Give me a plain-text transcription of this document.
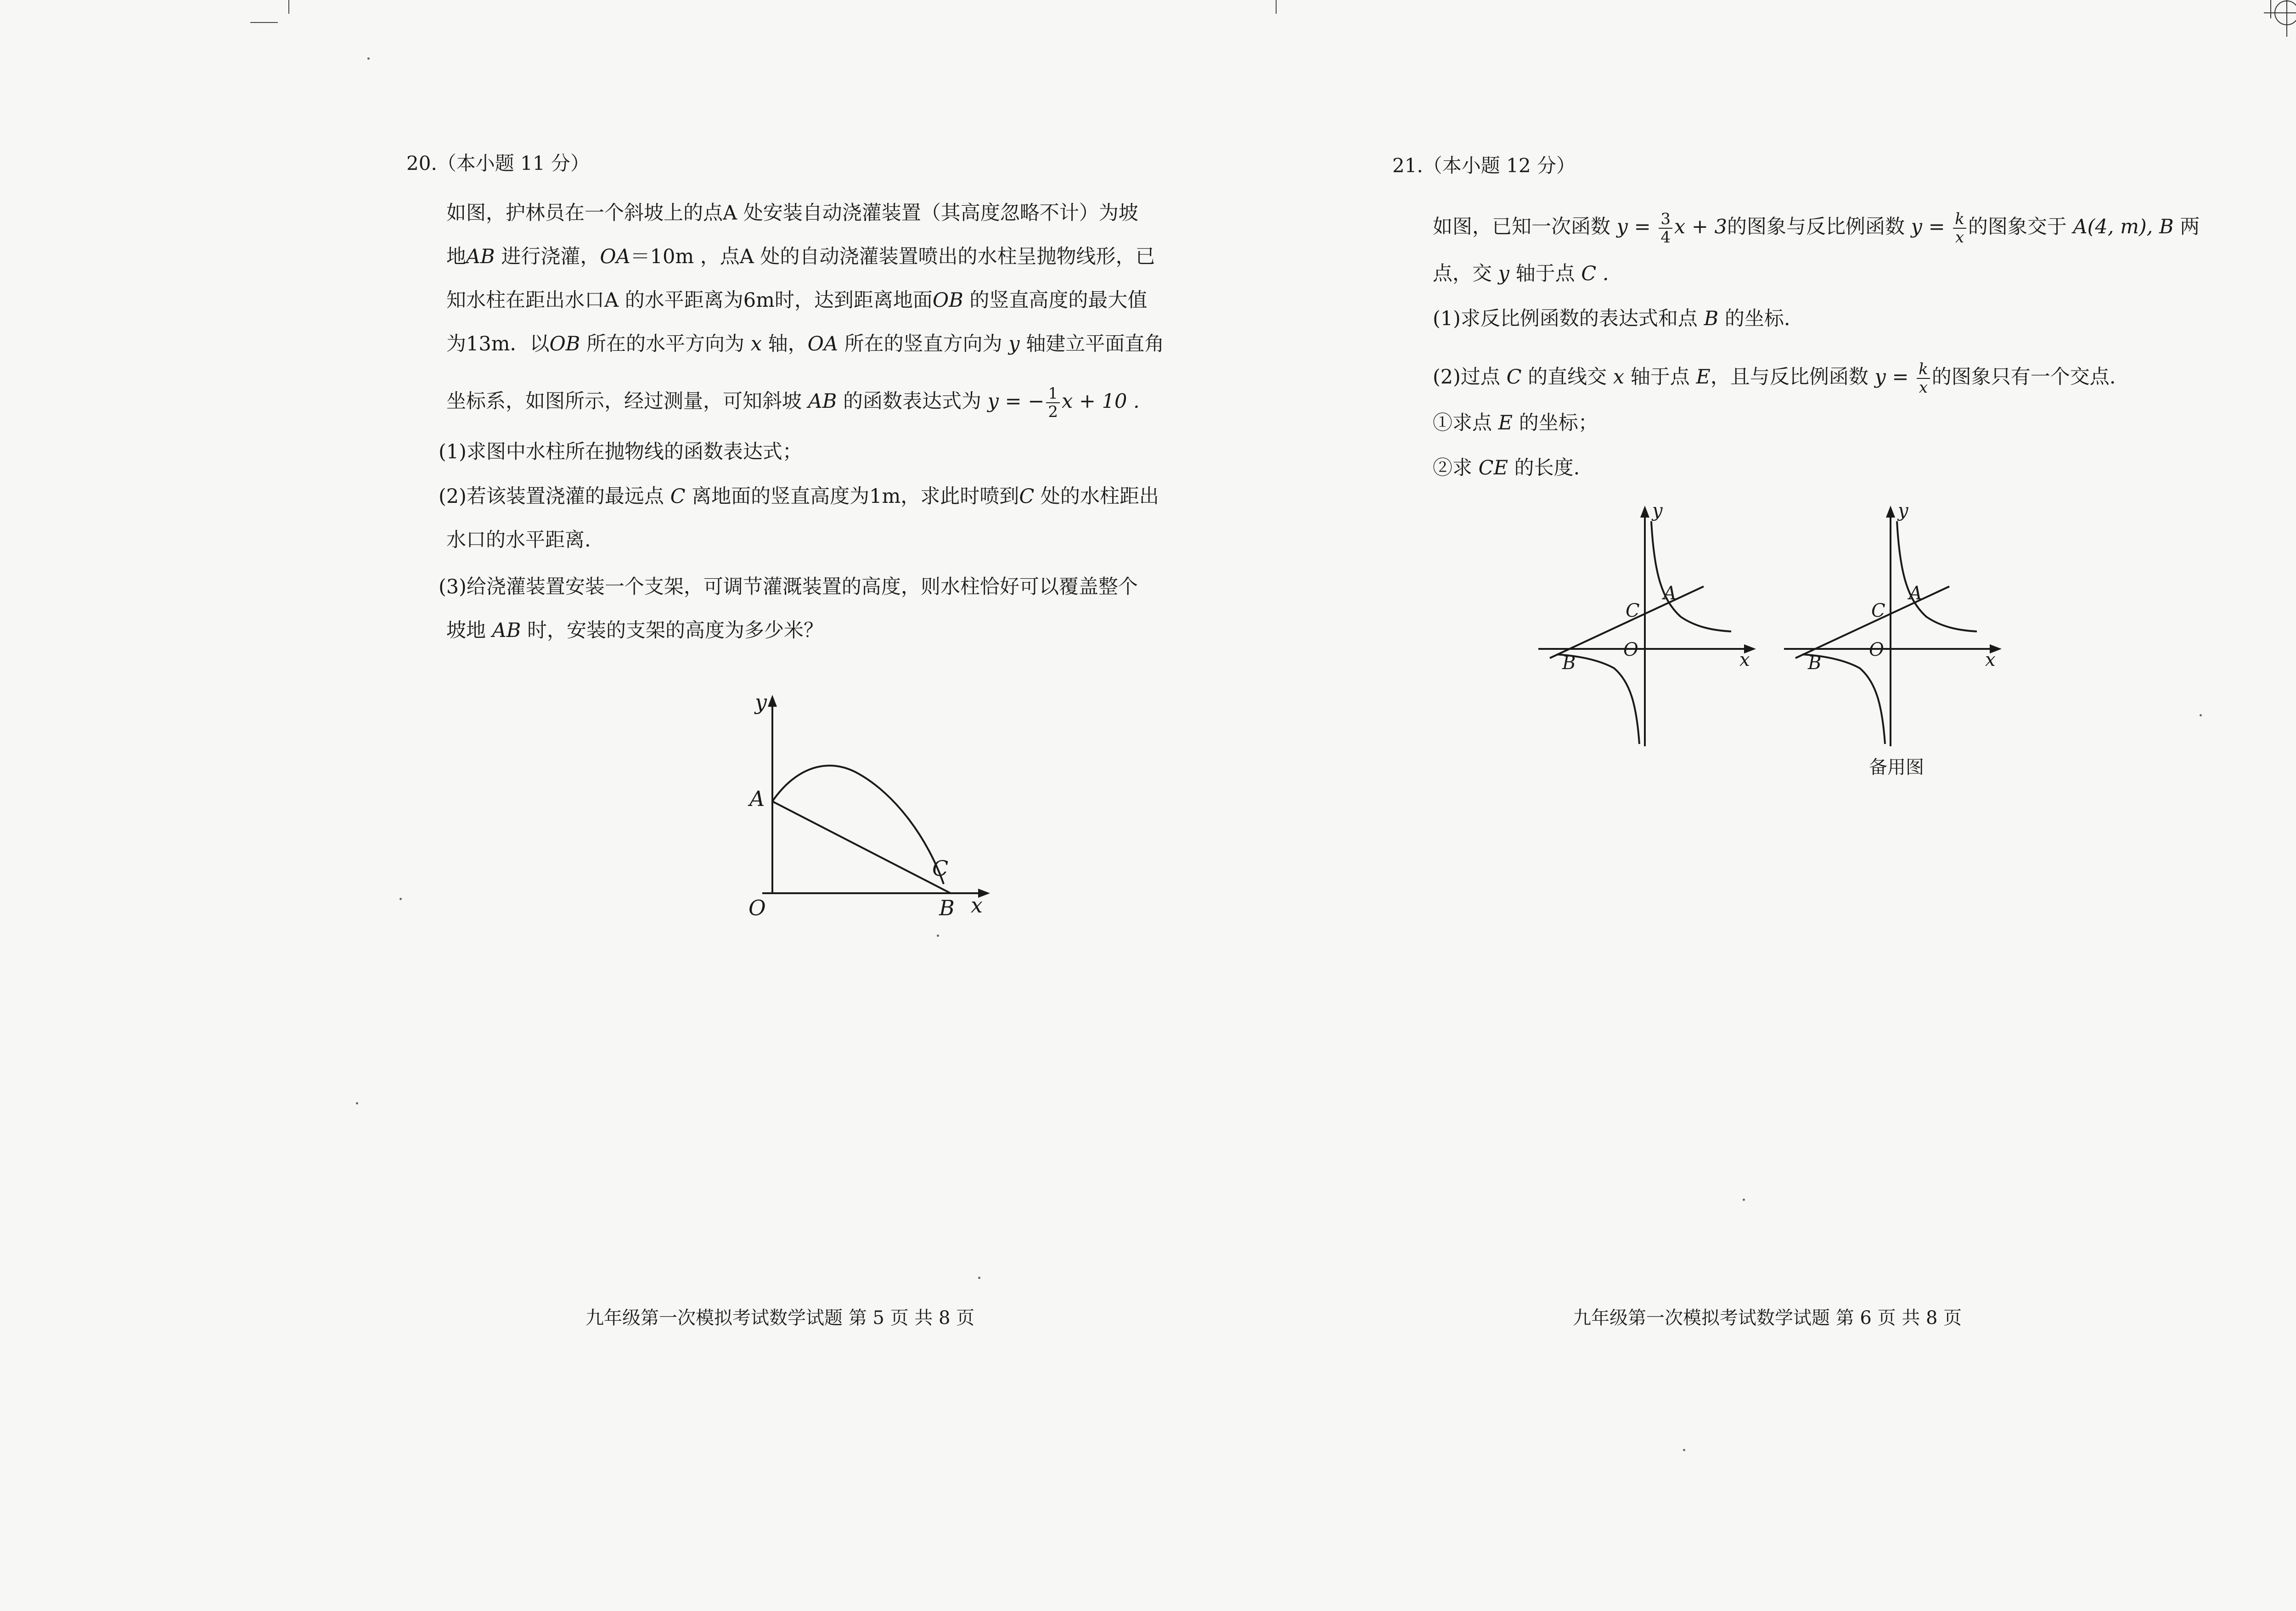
20.（本小题 11 分）
如图，护林员在一个斜坡上的点A 处安装自动浇灌装置（其高度忽略不计）为坡
地AB 进行浇灌，OA＝10m ，点A 处的自动浇灌装置喷出的水柱呈抛物线形，已
知水柱在距出水口A 的水平距离为6m时，达到距离地面OB 的竖直高度的最大值
为13m．以OB 所在的水平方向为 x 轴，OA 所在的竖直方向为 y 轴建立平面直角
坐标系，如图所示，经过测量，可知斜坡 AB 的函数表达式为 y = − $\frac{1}{2}$ x + 10 .
(1)求图中水柱所在抛物线的函数表达式；
(2)若该装置浇灌的最远点 C 离地面的竖直高度为1m，求此时喷到C 处的水柱距出
水口的水平距离.
(3)给浇灌装置安装一个支架，可调节灌溉装置的高度，则水柱恰好可以覆盖整个
坡地 AB 时，安装的支架的高度为多少米？
y
A
O	B
C
x
21.（本小题 12 分）
如图，已知一次函数 $y = \frac{3}{4}$ x + 3的图象与反比例函数 $y = \frac{k}{x}$ 的图象交于 A(4, m), B 两
点，交 y 轴于点 C .
(1)求反比例函数的表达式和点 B 的坐标.
(2)过点 C 的直线交 x 轴于点 E，且与反比例函数 $y = \frac{k}{x}$ 的图象只有一个交点.
①求点 E 的坐标；
②求 CE 的长度.
y
A
C
O
B	x
y
A
C
O
B	x
备用图
九年级第一次模拟考试数学试题 第 5 页 共 8 页	九年级第一次模拟考试数学试题 第 6 页 共 8 页
